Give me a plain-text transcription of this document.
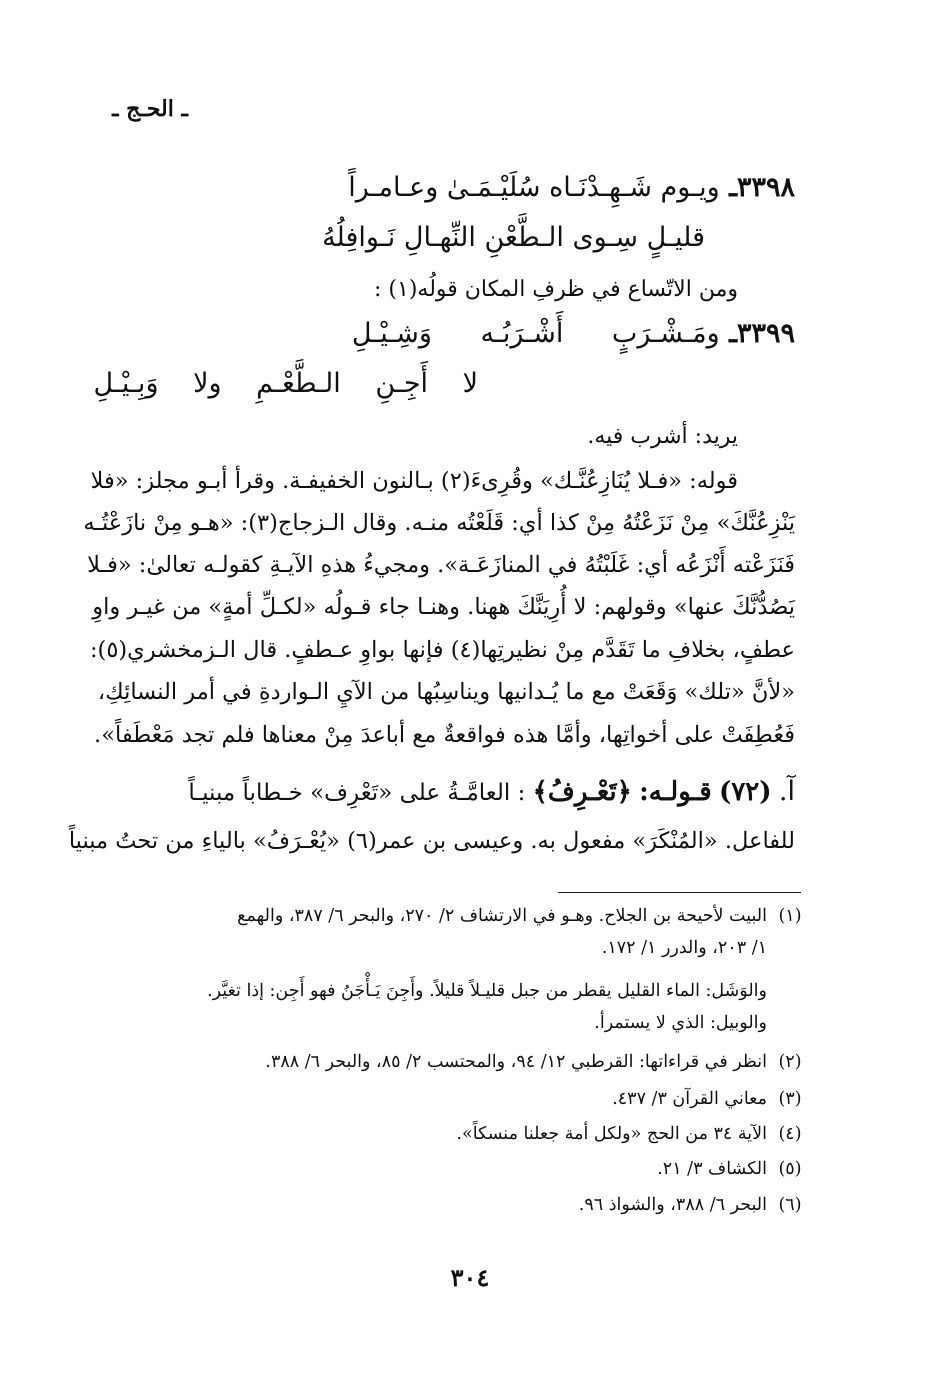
ـ الحـج ـ
٣٣٩٨ـ ويـوم شَـهِـدْنَـاه سُلَيْـمَـىٰ وعـامـراً
قليـلٍ سِـوى الـطَّعْنِ النِّهـالِ نَـوافِلُهُ
ومن الاتّساع في ظرفِ المكان قولُه(١) :
٣٣٩٩ـ ومَـشْـرَبٍ أَشْـرَبُـه وَشِـيْـلِ
لا أَجِـنِ الـطَّعْـمِ ولا وَبِـيْـلِ
يريد: أشرب فيه.
قوله: «فـلا يُنَازِعُنَّـك» وقُرِىءَ(٢) بـالنون الخفيفـة. وقرأ أبـو مجلز: «فلا
يَنْزِعُنَّكَ» مِنْ نَزَعْتُهُ مِنْ كذا أي: قَلَعْتُه منـه. وقال الـزجاج(٣): «هـو مِنْ نازَعْتُـه
فَنَزَعْته أَنْزَعُه أي: غَلَبْتُهُ في المنازَعَـة». ومجيءُ هذهِ الآيـةِ كقولـه تعالىٰ: «فـلا
يَصُدُّنَّكَ عنها» وقولهم: لا أُرِيَنَّكَ ههنا. وهنـا جاء قـولُه «لكـلِّ أمةٍ» من غيـر واوِ
عطفٍ، بخلافِ ما تَقَدَّم مِنْ نظيرتِها(٤) فإنها بواوِ عـطفٍ. قال الـزمخشري(٥):
«لأنَّ «تلك» وَقَعَتْ مع ما يُـدانيها ويناسِبُها من الآيِ الـواردةِ في أمر النسائِكِ،
فَعُطِفَتْ على أخواتِها، وأمَّا هذه فواقعةٌ مع أباعدَ مِنْ معناها فلم تجد مَعْطَفاً».
آ. (٧٢) قـولـه: ﴿تَعْـرِفُ﴾ : العامَّـةُ على «تَعْرِف» خـطاباً مبنيـاً
للفاعل. «المُنْكَرَ» مفعول به. وعيسى بن عمر(٦) «يُعْـرَفُ» بالياءِ من تحتُ مبنياً
(١)البيت لأحيحة بن الجلاح. وهـو في الارتشاف ٢/ ٢٧٠، والبحر ٦/ ٣٨٧، والهمع
١/ ٢٠٣، والدرر ١/ ١٧٢.
والوَشَل: الماء القليل يقطر من جبل قليـلاً قليلاً. وأَجِنَ يَـأْجَنُ فهو أَجِن: إذا تغيَّر.
والوبيل: الذي لا يستمرأ.
(٢)انظر في قراءاتها: القرطبي ١٢/ ٩٤، والمحتسب ٢/ ٨٥، والبحر ٦/ ٣٨٨.
(٣)معاني القرآن ٣/ ٤٣٧.
(٤)الآية ٣٤ من الحج «ولكل أمة جعلنا منسكاً».
(٥)الكشاف ٣/ ٢١.
(٦)البحر ٦/ ٣٨٨، والشواذ ٩٦.
٣٠٤
